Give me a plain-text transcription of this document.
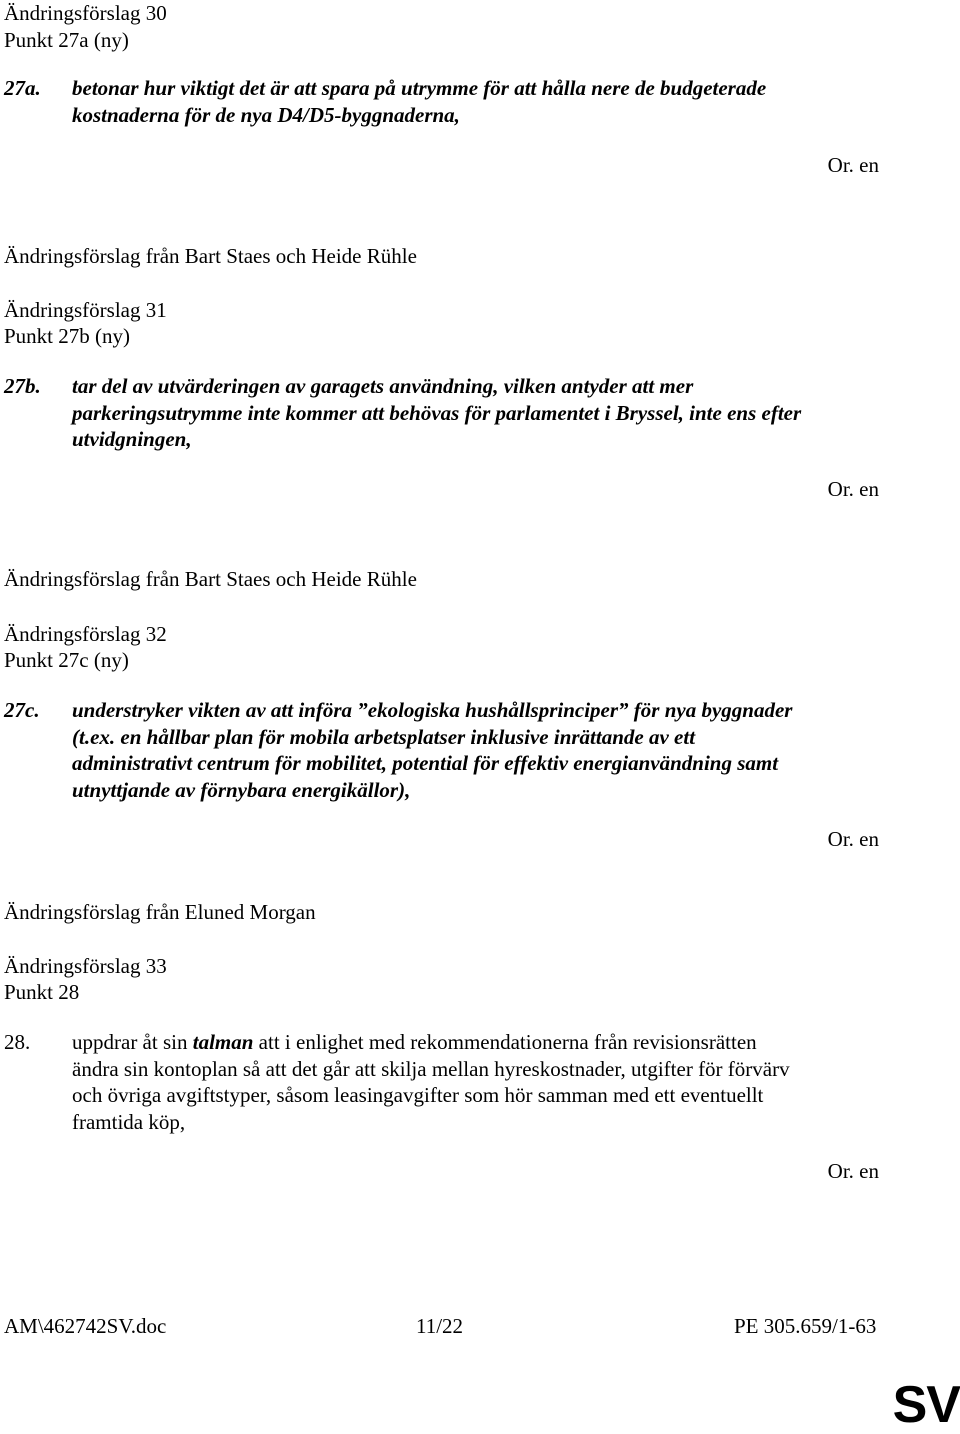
Ändringsförslag 30
Punkt 27a (ny)
27a. betonar hur viktigt det är att spara på utrymme för att hålla nere de budgeterade
kostnaderna för de nya D4/D5-byggnaderna,
Or. en
Ändringsförslag från Bart Staes och Heide Rühle
Ändringsförslag 31
Punkt 27b (ny)
27b. tar del av utvärderingen av garagets användning, vilken antyder att mer
parkeringsutrymme inte kommer att behövas för parlamentet i Bryssel, inte ens efter
utvidgningen,
Or. en
Ändringsförslag från Bart Staes och Heide Rühle
Ändringsförslag 32
Punkt 27c (ny)
27c. understryker vikten av att införa ”ekologiska hushållsprinciper” för nya byggnader
(t.ex. en hållbar plan för mobila arbetsplatser inklusive inrättande av ett
administrativt centrum för mobilitet, potential för effektiv energianvändning samt
utnyttjande av förnybara energikällor),
Or. en
Ändringsförslag från Eluned Morgan
Ändringsförslag 33
Punkt 28
28. uppdrar åt sin talman att i enlighet med rekommendationerna från revisionsrätten
ändra sin kontoplan så att det går att skilja mellan hyreskostnader, utgifter för förvärv
och övriga avgiftstyper, såsom leasingavgifter som hör samman med ett eventuellt
framtida köp,
Or. en
AM\462742SV.doc	11/22	PE 305.659/1-63
SV
